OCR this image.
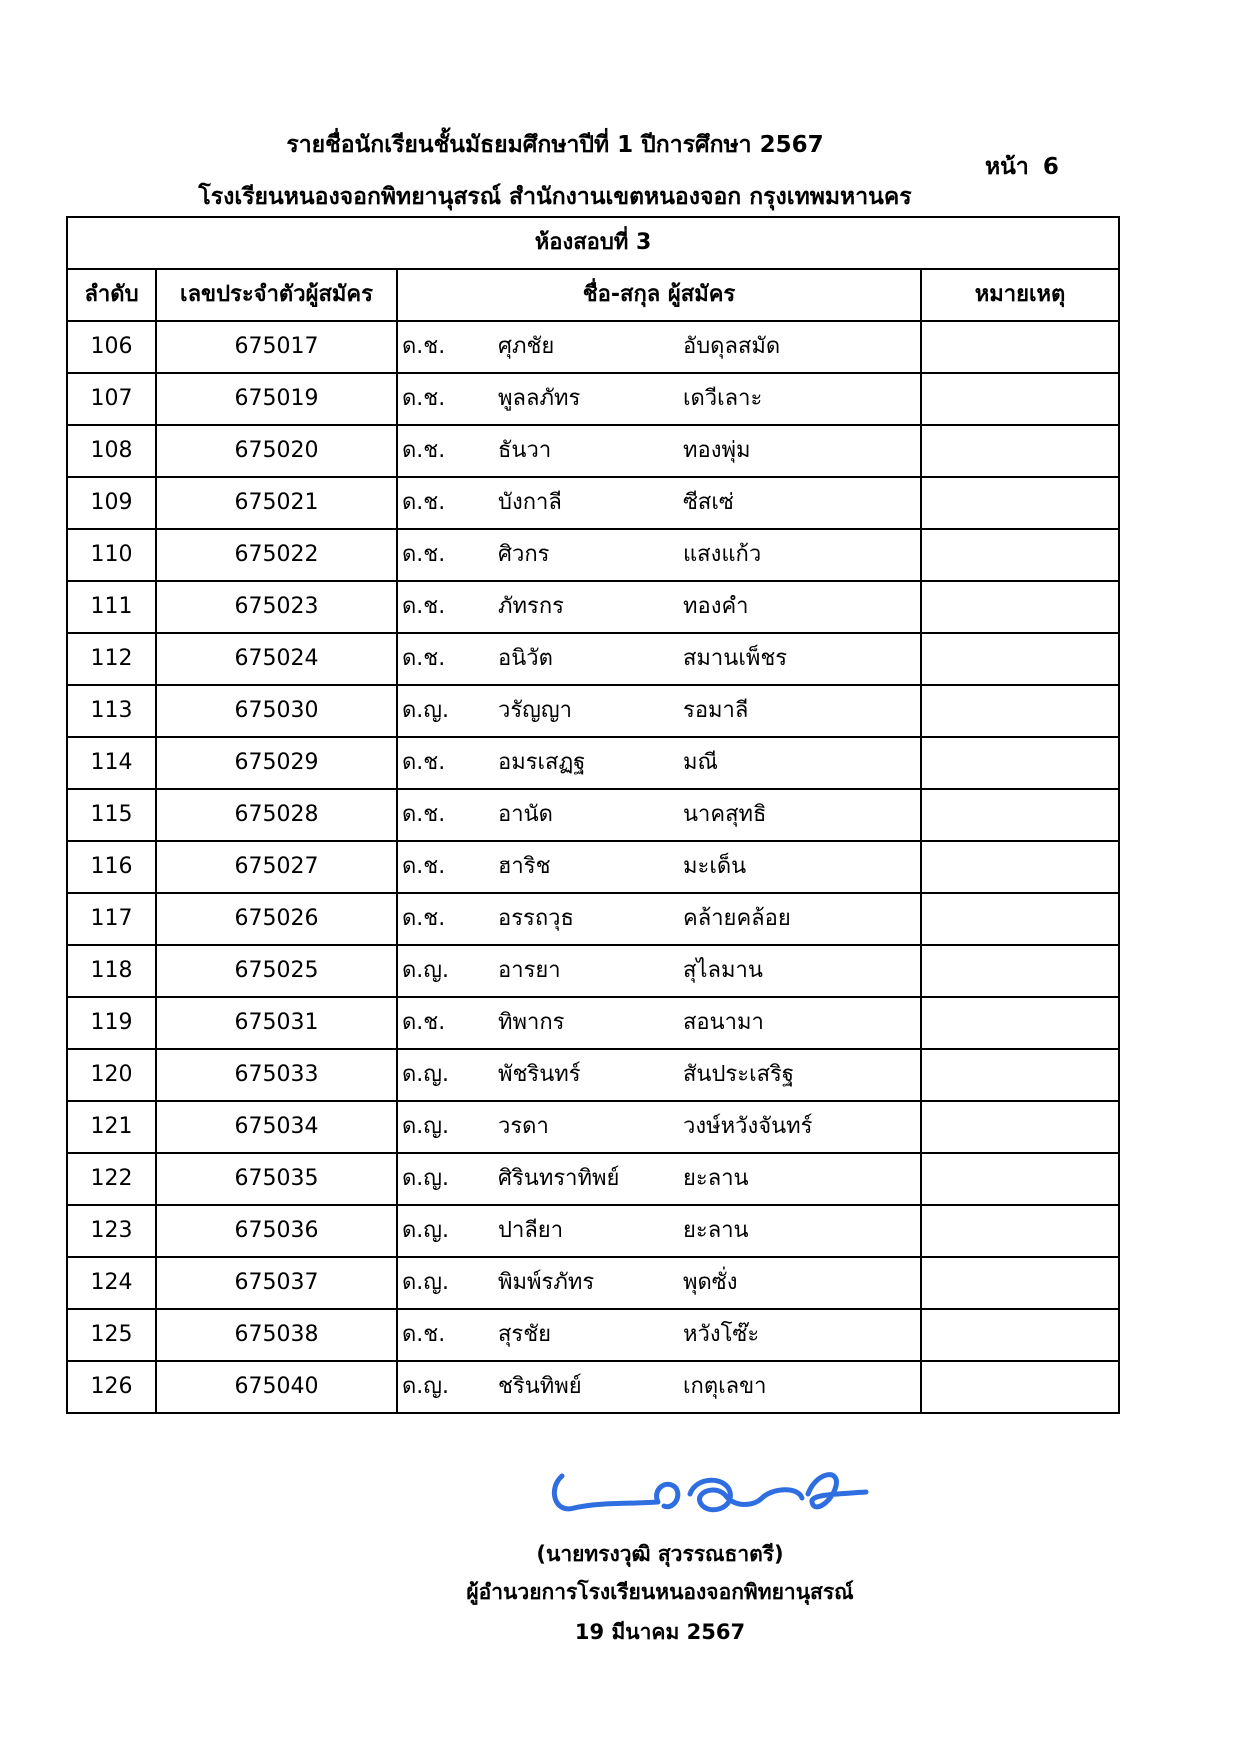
รายชื่อนักเรียนชั้นมัธยมศึกษาปีที่ 1 ปีการศึกษา 2567
หน้า 6
โรงเรียนหนองจอกพิทยานุสรณ์ สำนักงานเขตหนองจอก กรุงเทพมหานคร
ห้องสอบที่ 3			
ลำดับ	เลขประจำตัวผู้สมัคร	ชื่อ-สกุล ผู้สมัคร	หมายเหตุ
106	675017	ด.ช. ศุภชัย อับดุลสมัด	

107	675019	ด.ช. พูลลภัทร เดวีเลาะ	

108	675020	ด.ช. ธันวา ทองพุ่ม	

109	675021	ด.ช. บังกาลี ซีสเซ่	

110	675022	ด.ช. ศิวกร แสงแก้ว	

111	675023	ด.ช. ภัทรกร ทองคำ	

112	675024	ด.ช. อนิวัต สมานเพ็ชร	

113	675030	ด.ญ. วรัญญา รอมาลี	

114	675029	ด.ช. อมรเสฏฐ มณี	

115	675028	ด.ช. อานัด นาคสุทธิ	

116	675027	ด.ช. ฮาริช มะเด็น	

117	675026	ด.ช. อรรถวุธ คล้ายคล้อย	

118	675025	ด.ญ. อารยา สุไลมาน	

119	675031	ด.ช. ทิพากร สอนามา	

120	675033	ด.ญ. พัชรินทร์ สันประเสริฐ	

121	675034	ด.ญ. วรดา วงษ์หวังจันทร์	

122	675035	ด.ญ. ศิรินทราทิพย์ ยะลาน	

123	675036	ด.ญ. ปาลียา ยะลาน	

124	675037	ด.ญ. พิมพ์รภัทร พุดซั่ง	

125	675038	ด.ช. สุรชัย หวังโซ๊ะ	

126	675040	ด.ญ. ชรินทิพย์ เกตุเลขา	

(นายทรงวุฒิ สุวรรณธาตรี)
ผู้อำนวยการโรงเรียนหนองจอกพิทยานุสรณ์
19 มีนาคม 2567
